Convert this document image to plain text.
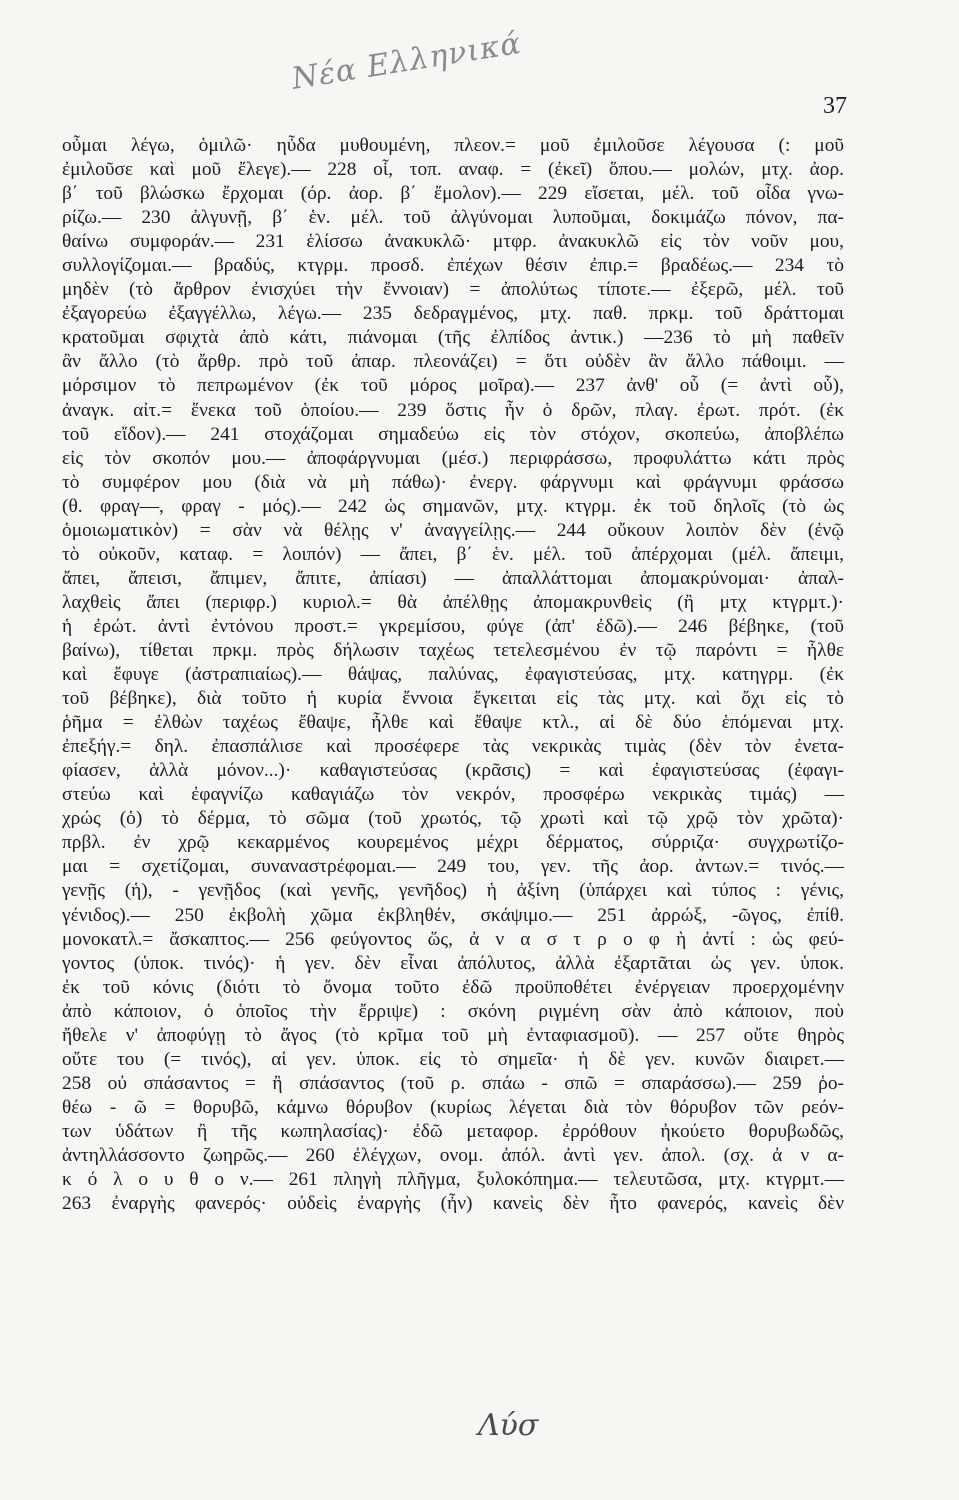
Νέα Ελληνικά
37
οὖμαι λέγω, ὁμιλῶ· ηὖδα μυθουμένη, πλεον.= μοῦ ἐμιλοῦσε λέγουσα (: μοῦ
ἐμιλοῦσε καὶ μοῦ ἔλεγε).— 228 οἷ, τοπ. αναφ. = (ἐκεῖ) ὅπου.— μολών, μτχ. ἀορ.
β΄ τοῦ βλώσκω ἔρχομαι (όρ. ἀορ. β΄ ἔμολον).— 229 εἴσεται, μέλ. τοῦ οἶδα γνω-
ρίζω.— 230 ἀλγυνῇ, β΄ ἑν. μέλ. τοῦ ἀλγύνομαι λυποῦμαι, δοκιμάζω πόνον, πα-
θαίνω συμφοράν.— 231 ἑλίσσω ἀνακυκλῶ· μτφρ. ἀνακυκλῶ εἰς τὸν νοῦν μου,
συλλογίζομαι.— βραδύς, κτγρμ. προσδ. ἐπέχων θέσιν ἐπιρ.= βραδέως.— 234 τὸ
μηδὲν (τὸ ἄρθρον ἐνισχύει τὴν ἔννοιαν) = ἀπολύτως τίποτε.— ἐξερῶ, μέλ. τοῦ
ἐξαγορεύω ἐξαγγέλλω, λέγω.— 235 δεδραγμένος, μτχ. παθ. πρκμ. τοῦ δράττομαι
κρατοῦμαι σφιχτὰ ἀπὸ κάτι, πιάνομαι (τῆς ἐλπίδος ἀντικ.) —236 τὸ μὴ παθεῖν
ἂν ἄλλο (τὸ ἄρθρ. πρὸ τοῦ ἀπαρ. πλεονάζει) = ὅτι οὐδὲν ἂν ἄλλο πάθοιμι. —
μόρσιμον τὸ πεπρωμένον (ἐκ τοῦ μόρος μοῖρα).— 237 ἀνθ' οὗ (= ἀντὶ οὗ),
ἀναγκ. αἰτ.= ἕνεκα τοῦ ὁποίου.— 239 ὅστις ἦν ὁ δρῶν, πλαγ. ἐρωτ. πρότ. (ἐκ
τοῦ εἴδον).— 241 στοχάζομαι σημαδεύω εἰς τὸν στόχον, σκοπεύω, ἀποβλέπω
εἰς τὸν σκοπόν μου.— ἀποφάργνυμαι (μέσ.) περιφράσσω, προφυλάττω κάτι πρὸς
τὸ συμφέρον μου (διὰ νὰ μὴ πάθω)· ἐνεργ. φάργνυμι καὶ φράγνυμι φράσσω
(θ. φραγ—, φραγ - μός).— 242 ὡς σημανῶν, μτχ. κτγρμ. ἐκ τοῦ δηλοῖς (τὸ ὡς
ὁμοιωματικὸν) = σὰν νὰ θέλῃς ν' ἀναγγείλῃς.— 244 οὔκουν λοιπὸν δὲν (ἐνῷ
τὸ οὐκοῦν, καταφ. = λοιπόν) — ἄπει, β΄ ἑν. μέλ. τοῦ ἀπέρχομαι (μέλ. ἄπειμι,
ἄπει, ἄπεισι, ἄπιμεν, ἄπιτε, ἀπίασι) — ἀπαλλάττομαι ἀπομακρύνομαι· ἀπαλ-
λαχθεὶς ἄπει (περιφρ.) κυριολ.= θὰ ἀπέλθῃς ἀπομακρυνθεὶς (ἢ μτχ κτγρμτ.)·
ἡ ἐρώτ. ἀντὶ ἐντόνου προστ.= γκρεμίσου, φύγε (ἀπ' ἐδῶ).— 246 βέβηκε, (τοῦ
βαίνω), τίθεται πρκμ. πρὸς δήλωσιν ταχέως τετελεσμένου ἐν τῷ παρόντι = ἦλθε
καὶ ἔφυγε (ἀστραπιαίως).— θάψας, παλύνας, ἐφαγιστεύσας, μτχ. κατηγρμ. (ἐκ
τοῦ βέβηκε), διὰ τοῦτο ἡ κυρία ἔννοια ἔγκειται εἰς τὰς μτχ. καὶ ὄχι εἰς τὸ
ῥῆμα = ἐλθὼν ταχέως ἔθαψε, ἦλθε καὶ ἔθαψε κτλ., αἱ δὲ δύο ἑπόμεναι μτχ.
ἐπεξήγ.= δηλ. ἐπασπάλισε καὶ προσέφερε τὰς νεκρικὰς τιμὰς (δὲν τὸν ἐνετα-
φίασεν, ἀλλὰ μόνον...)· καθαγιστεύσας (κρᾶσις) = καὶ ἐφαγιστεύσας (ἐφαγι-
στεύω καὶ ἐφαγνίζω καθαγιάζω τὸν νεκρόν, προσφέρω νεκρικὰς τιμάς) —
χρώς (ὁ) τὸ δέρμα, τὸ σῶμα (τοῦ χρωτός, τῷ χρωτὶ καὶ τῷ χρῷ τὸν χρῶτα)·
πρβλ. ἐν χρῷ κεκαρμένος κουρεμένος μέχρι δέρματος, σύρριζα· συγχρωτίζο-
μαι = σχετίζομαι, συναναστρέφομαι.— 249 του, γεν. τῆς ἀορ. ἀντων.= τινός.—
γενῇς (ἡ), - γενῇδος (καὶ γενῆς, γενῆδος) ἡ ἀξίνη (ὑπάρχει καὶ τύπος : γένις,
γένιδος).— 250 ἐκβολὴ χῶμα ἐκβληθέν, σκάψιμο.— 251 ἀρρώξ, -ῶγος, ἐπίθ.
μονοκατλ.= ἄσκαπτος.— 256 φεύγοντος ὥς, ἀ ν α σ τ ρ ο φ ὴ ἀντί : ὡς φεύ-
γοντος (ὑποκ. τινός)· ἡ γεν. δὲν εἶναι ἀπόλυτος, ἀλλὰ ἐξαρτᾶται ὡς γεν. ὑποκ.
ἐκ τοῦ κόνις (διότι τὸ ὄνομα τοῦτο ἐδῶ προϋποθέτει ἐνέργειαν προερχομένην
ἀπὸ κάποιον, ὁ ὁποῖος τὴν ἔρριψε) : σκόνη ριγμένη σὰν ἀπὸ κάποιον, ποὺ
ἤθελε ν' ἀποφύγῃ τὸ ἄγος (τὸ κρῖμα τοῦ μὴ ἐνταφιασμοῦ). — 257 οὔτε θηρὸς
οὔτε του (= τινός), αἱ γεν. ὑποκ. εἰς τὸ σημεῖα· ἡ δὲ γεν. κυνῶν διαιρετ.—
258 οὐ σπάσαντος = ἢ σπάσαντος (τοῦ ρ. σπάω - σπῶ = σπαράσσω).— 259 ῥο-
θέω - ῶ = θορυβῶ, κάμνω θόρυβον (κυρίως λέγεται διὰ τὸν θόρυβον τῶν ρεόν-
των ὑδάτων ἢ τῆς κωπηλασίας)· ἐδῶ μεταφορ. ἐρρόθουν ἠκούετο θορυβωδῶς,
ἀντηλλάσσοντο ζωηρῶς.— 260 ἐλέγχων, ονομ. ἀπόλ. ἀντὶ γεν. ἀπολ. (σχ. ἀ ν α-
κ ό λ ο υ θ ο ν.— 261 πληγὴ πλῆγμα, ξυλοκόπημα.— τελευτῶσα, μτχ. κτγρμτ.—
263 ἐναργὴς φανερός· οὐδεὶς ἐναργὴς (ἦν) κανεὶς δὲν ἦτο φανερός, κανεὶς δὲν
Λύσ
